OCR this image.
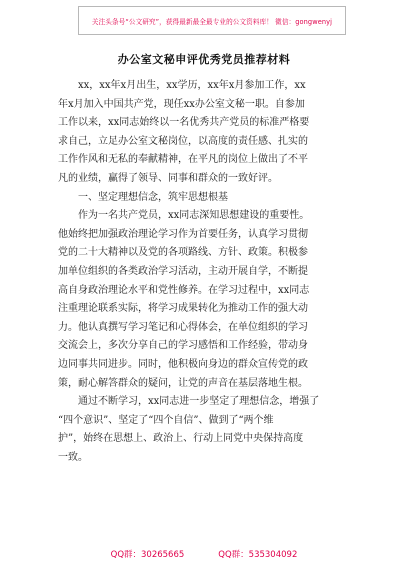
关注头条号“公文研究”，获得最新最全最专业的公文资料库！ 微信：gongwenyj
办公室文秘申评优秀党员推荐材料
xx，xx年x月出生，xx学历，xx年x月参加工作，xx
年x月加入中国共产党，现任xx办公室文秘一职。自参加
工作以来，xx同志始终以一名优秀共产党员的标准严格要
求自己，立足办公室文秘岗位，以高度的责任感、扎实的
工作作风和无私的奉献精神，在平凡的岗位上做出了不平
凡的业绩，赢得了领导、同事和群众的一致好评。
一、坚定理想信念，筑牢思想根基
作为一名共产党员，xx同志深知思想建设的重要性。
他始终把加强政治理论学习作为首要任务，认真学习贯彻
党的二十大精神以及党的各项路线、方针、政策。积极参
加单位组织的各类政治学习活动，主动开展自学，不断提
高自身政治理论水平和党性修养。在学习过程中，xx同志
注重理论联系实际，将学习成果转化为推动工作的强大动
力。他认真撰写学习笔记和心得体会，在单位组织的学习
交流会上，多次分享自己的学习感悟和工作经验，带动身
边同事共同进步。同时，他积极向身边的群众宣传党的政
策，耐心解答群众的疑问，让党的声音在基层落地生根。
通过不断学习，xx同志进一步坚定了理想信念，增强了
“四个意识”、坚定了“四个自信”、做到了“两个维
护”，始终在思想上、政治上、行动上同党中央保持高度
一致。
QQ群：30265665	QQ群：535304092
